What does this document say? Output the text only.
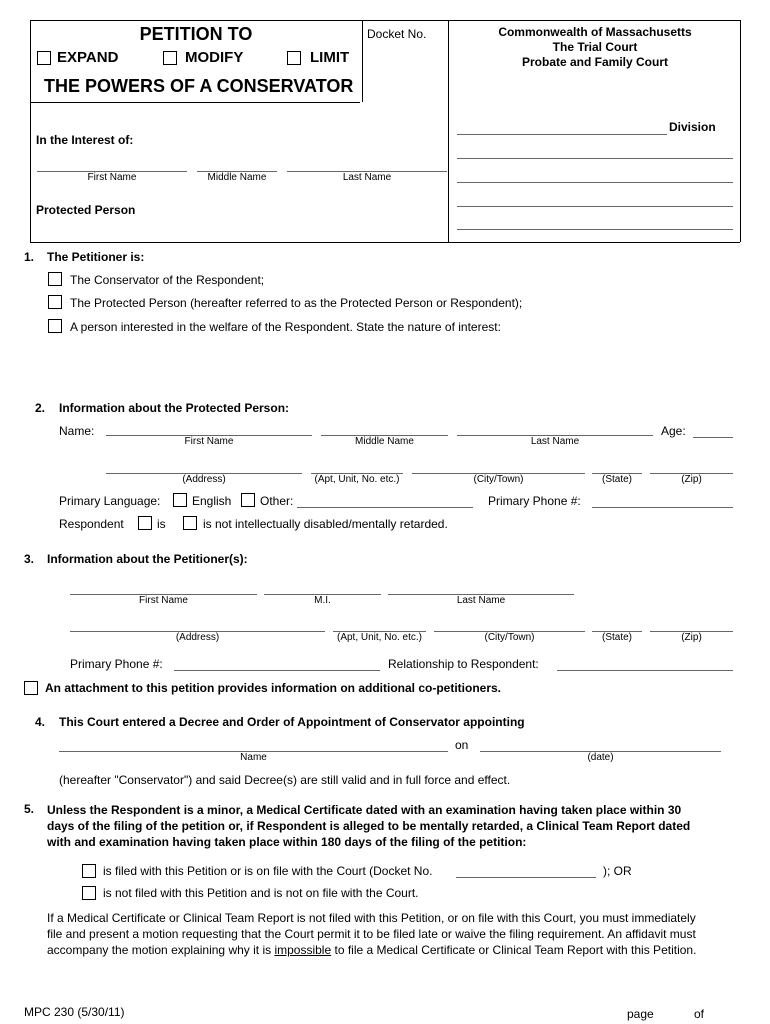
PETITION TO
EXPAND	MODIFY	LIMIT
THE POWERS OF A CONSERVATOR
Docket No.	Commonwealth of Massachusetts
The Trial Court
Probate and Family Court
In the Interest of:
First Name	Middle Name	Last Name
Protected Person
Division
1. The Petitioner is:
The Conservator of the Respondent;
The Protected Person (hereafter referred to as the Protected Person or Respondent);
A person interested in the welfare of the Respondent. State the nature of interest:
2. Information about the Protected Person:
Name:
First Name	Middle Name	Last Name
Age:
(Address)	(Apt, Unit, No. etc.)	(City/Town)	(State)	(Zip)
Primary Language:	English Other:	Primary Phone #:
Respondent	is	is not intellectually disabled/mentally retarded.
3. Information about the Petitioner(s):
First Name	M.I.	Last Name
(Address)	(Apt, Unit, No. etc.)	(City/Town)	(State)	(Zip)
Primary Phone #:	Relationship to Respondent:
An attachment to this petition provides information on additional co-petitioners.
4. This Court entered a Decree and Order of Appointment of Conservator appointing
on
Name	(date)
(hereafter "Conservator") and said Decree(s) are still valid and in full force and effect.
5. Unless the Respondent is a minor, a Medical Certificate dated with an examination having taken place within 30
days of the filing of the petition or, if Respondent is alleged to be mentally retarded, a Clinical Team Report dated
with and examination having taken place within 180 days of the filing of the petition:
is filed with this Petition or is on file with the Court (Docket No.	); OR
is not filed with this Petition and is not on file with the Court.
If a Medical Certificate or Clinical Team Report is not filed with this Petition, or on file with this Court, you must immediately
file and present a motion requesting that the Court permit it to be filed late or waive the filing requirement. An affidavit must
accompany the motion explaining why it is impossible to file a Medical Certificate or Clinical Team Report with this Petition.
MPC 230 (5/30/11)	page	of
